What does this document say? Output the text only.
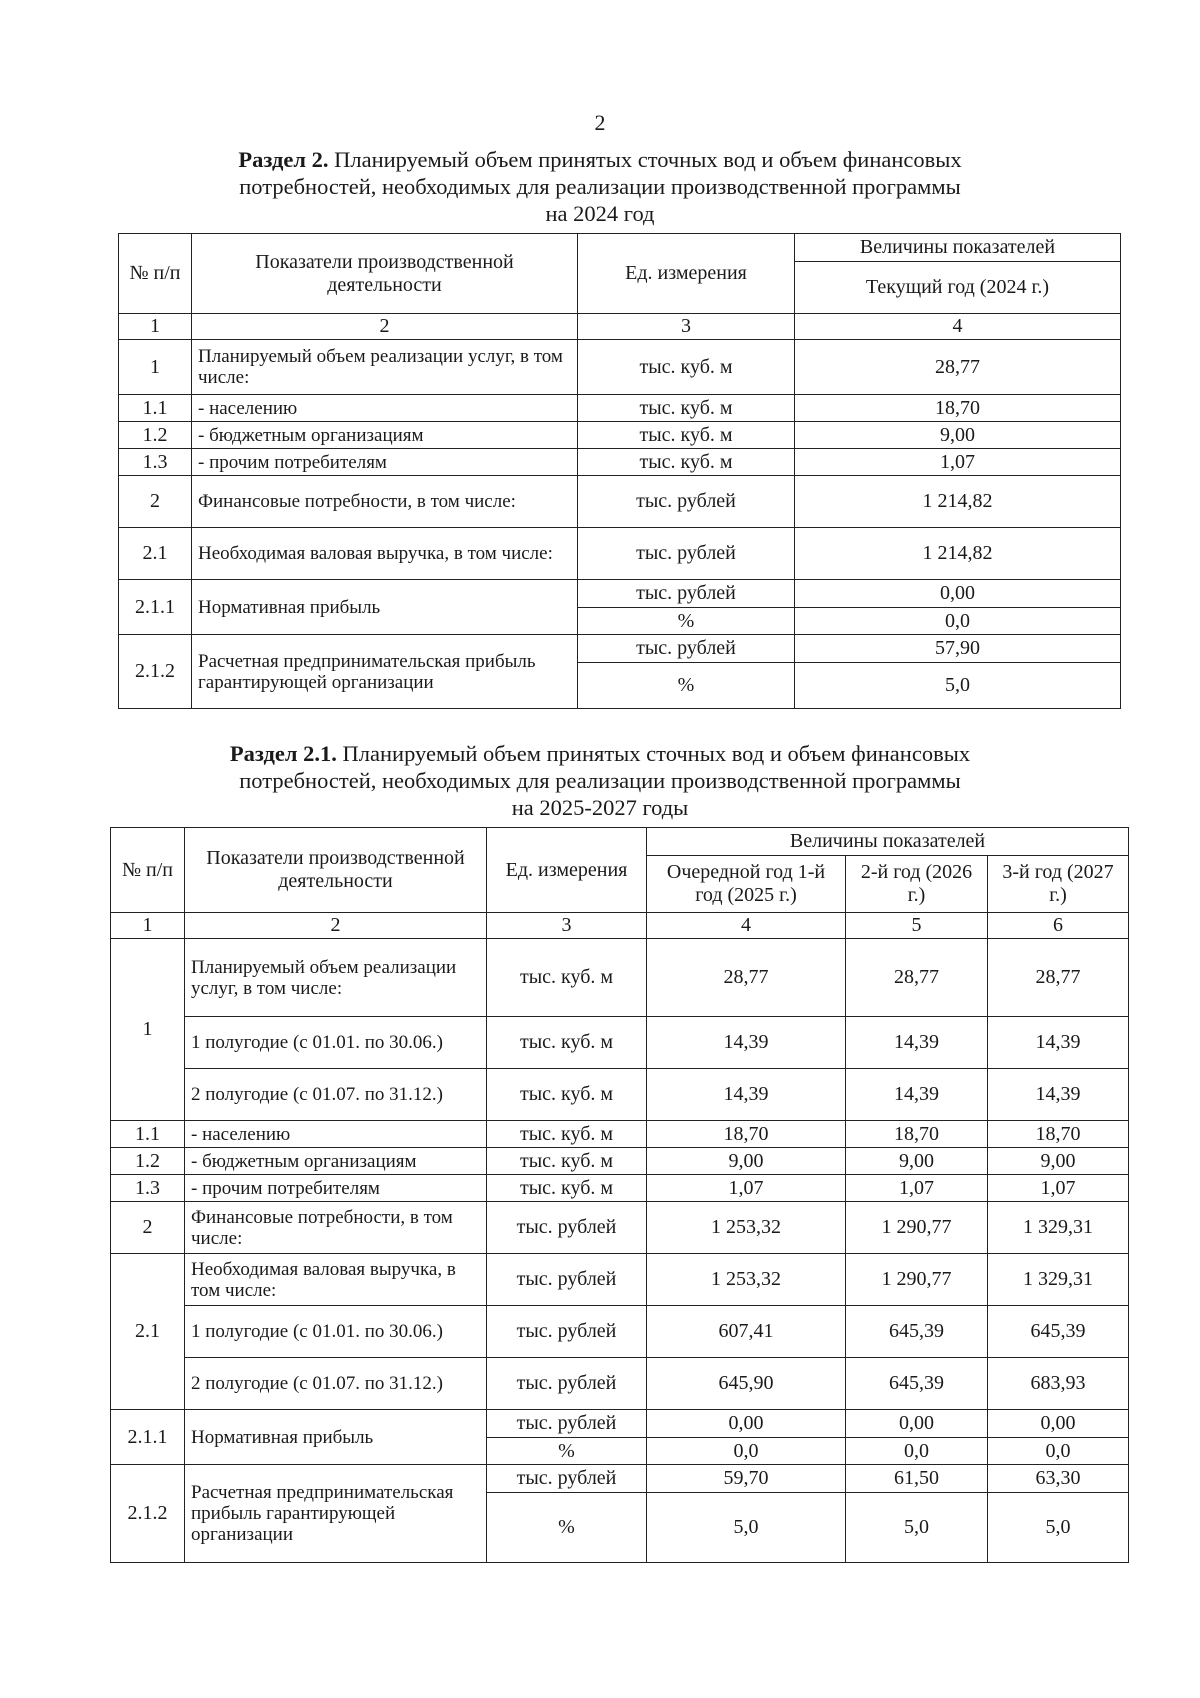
2
Раздел 2. Планируемый объем принятых сточных вод и объем финансовых
потребностей, необходимых для реализации производственной программы
на 2024 год
№ п/п	Показатели производственной деятельности	Ед. измерения	Величины показателей
			Текущий год (2024 г.)
1	2	3	4
1	Планируемый объем реализации услуг, в том числе:	тыс. куб. м	28,77
1.1	- населению	тыс. куб. м	18,70
1.2	- бюджетным организациям	тыс. куб. м	9,00
1.3	- прочим потребителям	тыс. куб. м	1,07
2	Финансовые потребности, в том числе:	тыс. рублей	1 214,82
2.1	Необходимая валовая выручка, в том числе:	тыс. рублей	1 214,82
2.1.1	Нормативная прибыль	тыс. рублей	0,00
		%	0,0
2.1.2	Расчетная предпринимательская прибыль гарантирующей организации	тыс. рублей	57,90
		%	5,0
Раздел 2.1. Планируемый объем принятых сточных вод и объем финансовых
потребностей, необходимых для реализации производственной программы
на 2025-2027 годы
№ п/п	Показатели производственной деятельности	Ед. измерения	Величины показателей		
			Очередной год 1-й год (2025 г.)	2-й год (2026 г.)	3-й год (2027 г.)
1	2	3	4	5	6
1	Планируемый объем реализации услуг, в том числе:	тыс. куб. м	28,77	28,77	28,77
	1 полугодие (с 01.01. по 30.06.)	тыс. куб. м	14,39	14,39	14,39
	2 полугодие (с 01.07. по 31.12.)	тыс. куб. м	14,39	14,39	14,39
1.1	- населению	тыс. куб. м	18,70	18,70	18,70
1.2	- бюджетным организациям	тыс. куб. м	9,00	9,00	9,00
1.3	- прочим потребителям	тыс. куб. м	1,07	1,07	1,07
2	Финансовые потребности, в том числе:	тыс. рублей	1 253,32	1 290,77	1 329,31
2.1	Необходимая валовая выручка, в том числе:	тыс. рублей	1 253,32	1 290,77	1 329,31
	1 полугодие (с 01.01. по 30.06.)	тыс. рублей	607,41	645,39	645,39
	2 полугодие (с 01.07. по 31.12.)	тыс. рублей	645,90	645,39	683,93
2.1.1	Нормативная прибыль	тыс. рублей	0,00	0,00	0,00
		%	0,0	0,0	0,0
2.1.2	Расчетная предпринимательская прибыль гарантирующей организации	тыс. рублей	59,70	61,50	63,30
		%	5,0	5,0	5,0
